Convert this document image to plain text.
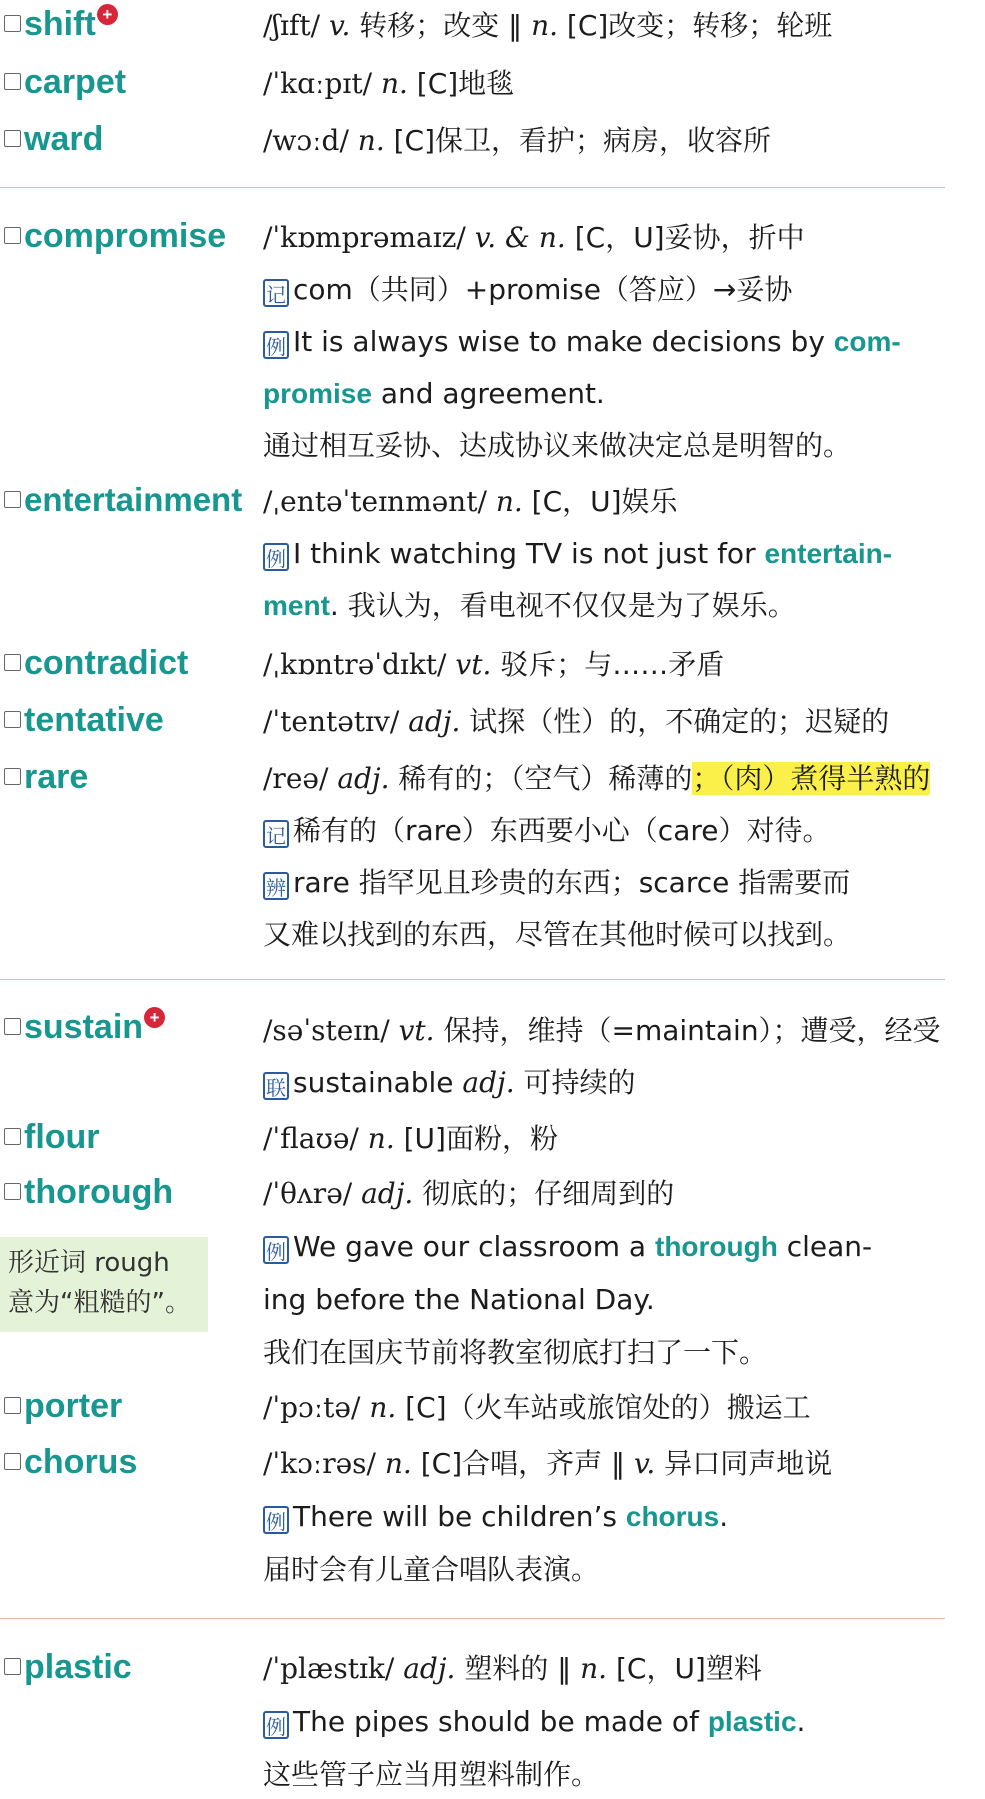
shift +	/ʃɪft/ v. 转移；改变 ‖ n. [C]改变；转移；轮班
carpet	/ˈkɑːpɪt/ n. [C]地毯
ward	/wɔːd/ n. [C]保卫，看护；病房，收容所
compromise /ˈkɒmprəmaɪz/ v. & n. [C，U]妥协，折中
记 com（共同）+promise（答应）→妥协
例 It is always wise to make decisions by com-
promise and agreement.
通过相互妥协、达成协议来做决定总是明智的。
entertainment /ˌentəˈteɪnmənt/ n. [C，U]娱乐
例 I think watching TV is not just for entertain-
ment. 我认为，看电视不仅仅是为了娱乐。
contradict	/ˌkɒntrəˈdɪkt/ vt. 驳斥；与……矛盾
tentative	/ˈtentətɪv/ adj. 试探（性）的，不确定的；迟疑的
rare	/reə/ adj. 稀有的；（空气）稀薄的；（肉）煮得半熟的
记 稀有的（rare）东西要小心（care）对待。
辨 rare 指罕见且珍贵的东西；scarce 指需要而
又难以找到的东西，尽管在其他时候可以找到。
sustain +	/səˈsteɪn/ vt. 保持，维持（=maintain）；遭受，经受
联 sustainable adj. 可持续的
flour	/ˈflaʊə/ n. [U]面粉，粉
thorough	/ˈθʌrə/ adj. 彻底的；仔细周到的
形近词 rough
意为“粗糙的”。
例 We gave our classroom a thorough clean-
ing before the National Day.
我们在国庆节前将教室彻底打扫了一下。
porter	/ˈpɔːtə/ n. [C]（火车站或旅馆处的）搬运工
chorus	/ˈkɔːrəs/ n. [C]合唱，齐声 ‖ v. 异口同声地说
例 There will be children’s chorus.
届时会有儿童合唱队表演。
plastic	/ˈplæstɪk/ adj. 塑料的 ‖ n. [C，U]塑料
例 The pipes should be made of plastic.
这些管子应当用塑料制作。
